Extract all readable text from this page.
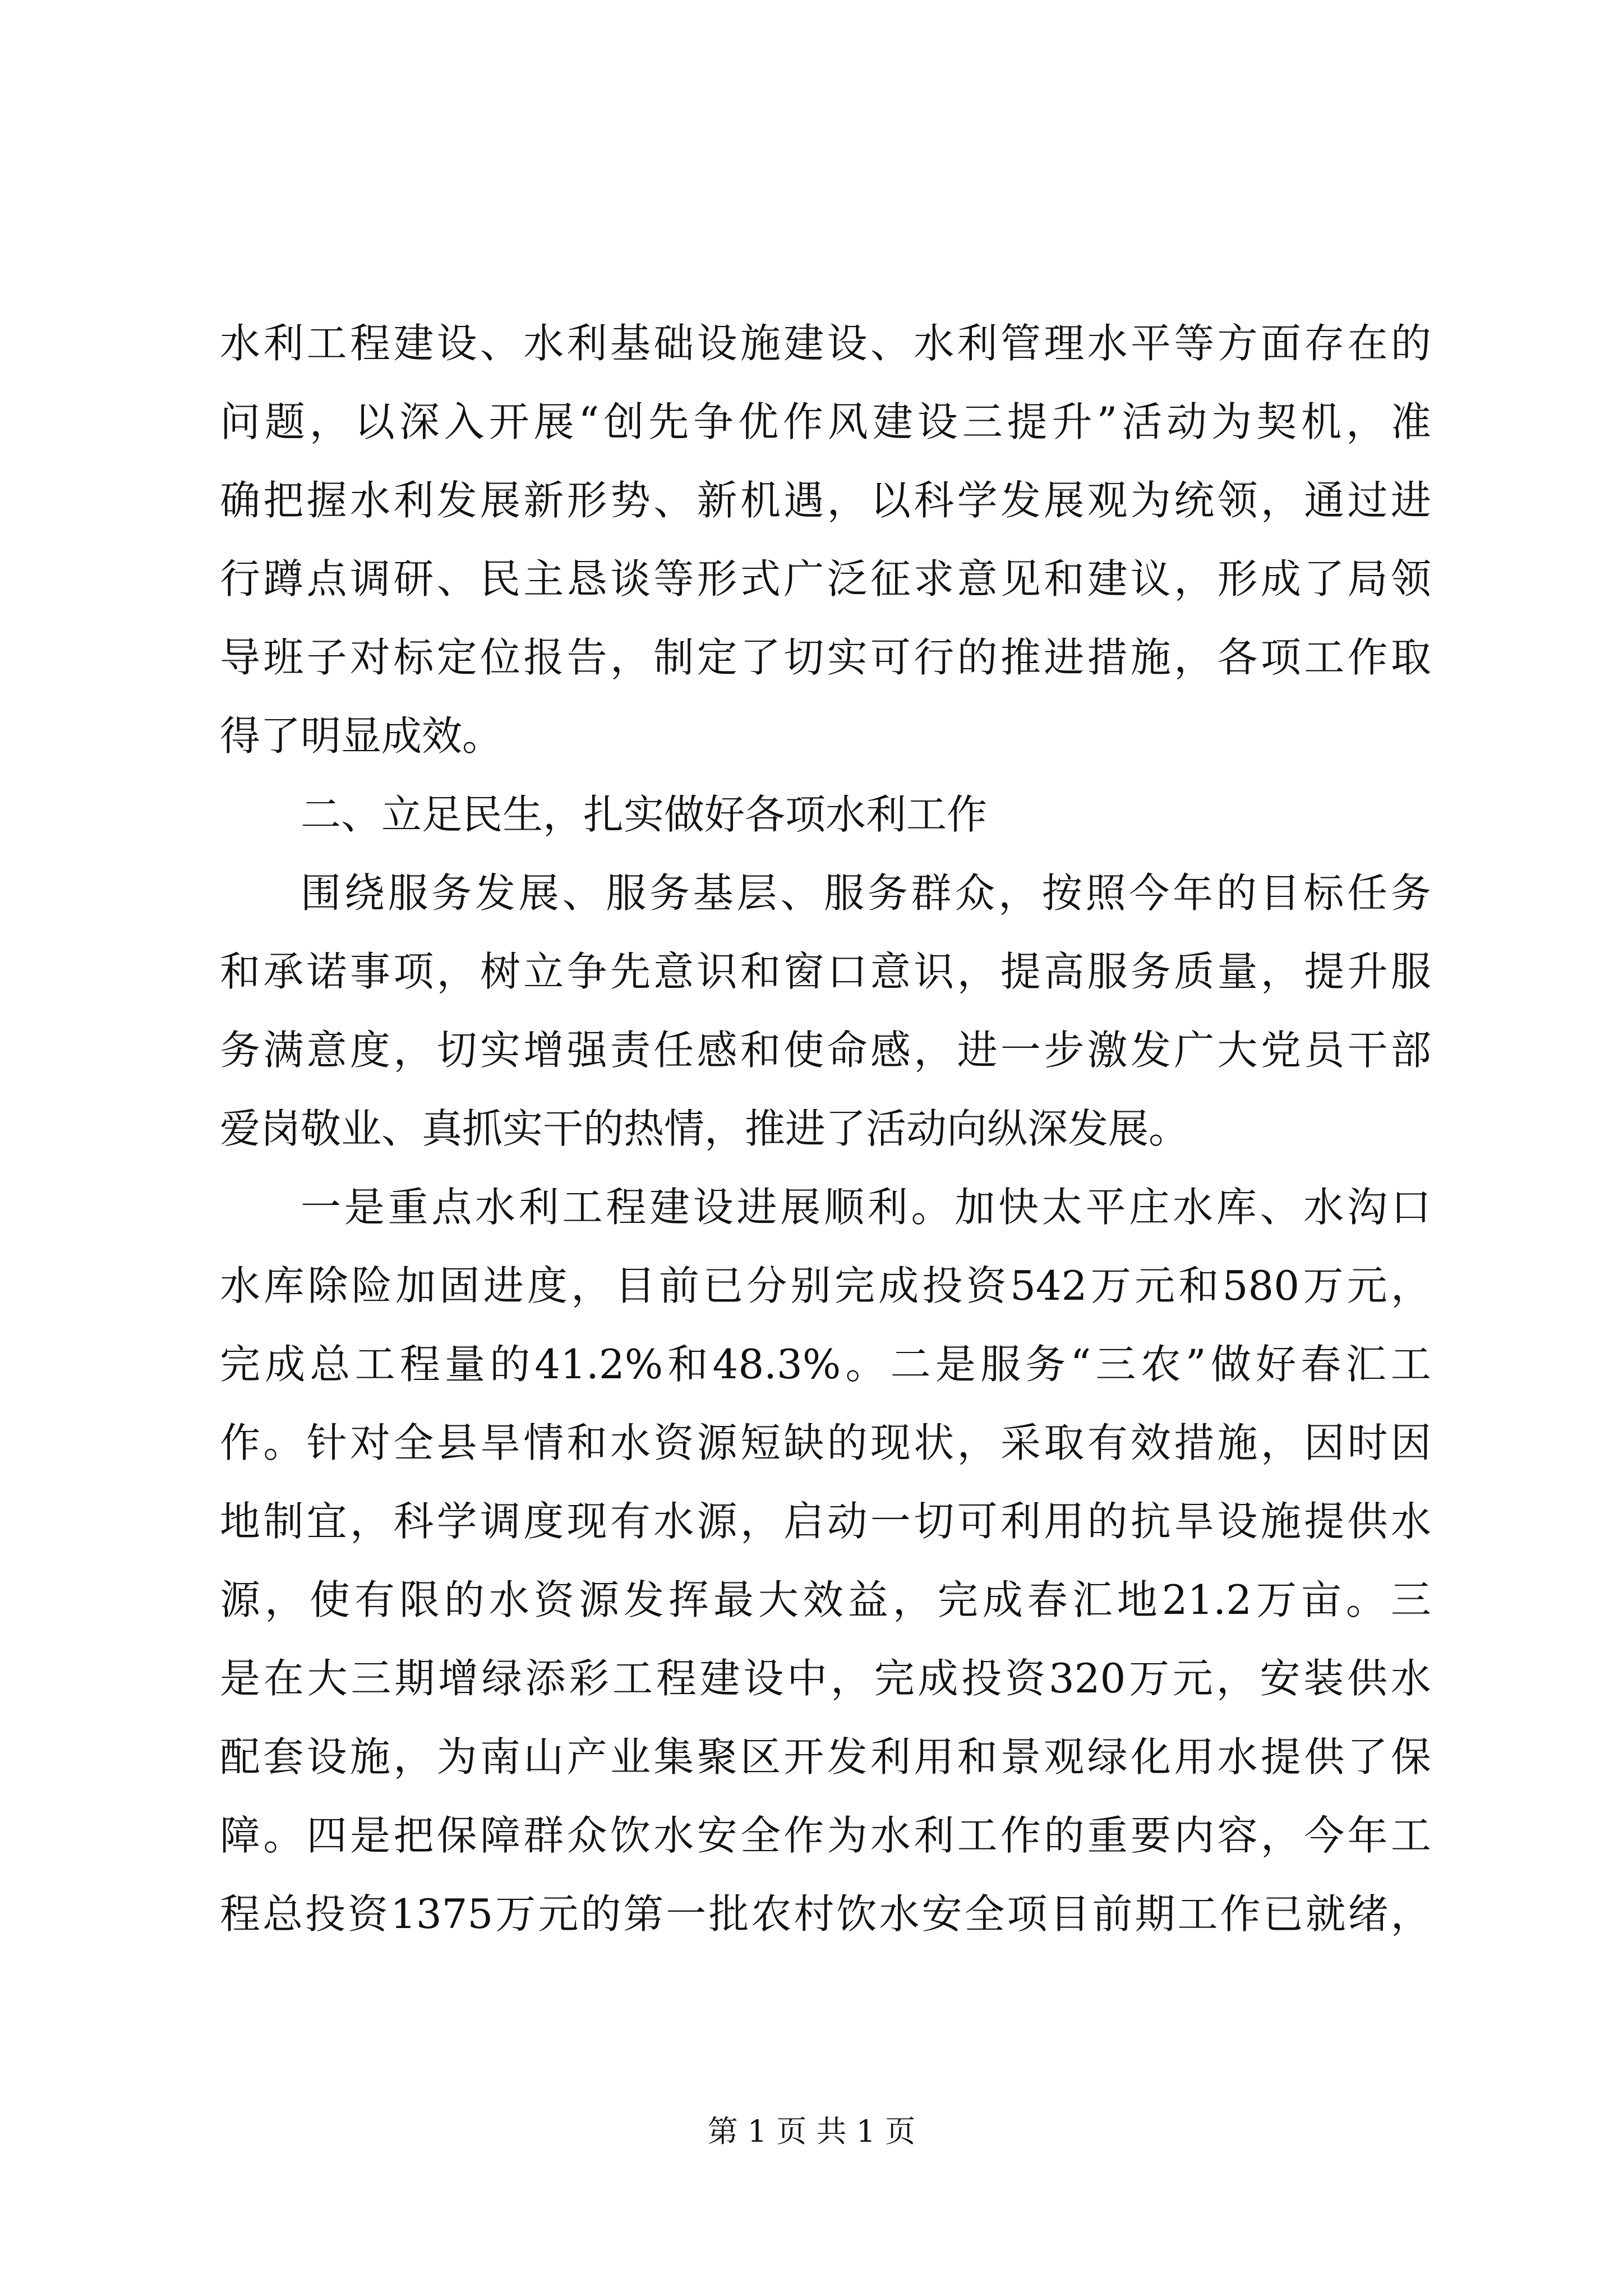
水 利 工 程 建 设 、 水 利 基 础 设 施 建 设 、 水 利 管 理 水 平 等 方 面 存 在 的
问 题 ， 以 深 入 开 展 “ 创 先 争 优 作 风 建 设 三 提 升 ” 活 动 为 契 机 ， 准
确 把 握 水 利 发 展 新 形 势 、 新 机 遇 ， 以 科 学 发 展 观 为 统 领 ， 通 过 进
行 蹲 点 调 研 、 民 主 恳 谈 等 形 式 广 泛 征 求 意 见 和 建 议 ， 形 成 了 局 领
导 班 子 对 标 定 位 报 告 ， 制 定 了 切 实 可 行 的 推 进 措 施 ， 各 项 工 作 取
得了明显成效。
二、立足民生，扎实做好各项水利工作
围 绕 服 务 发 展 、 服 务 基 层 、 服 务 群 众 ， 按 照 今 年 的 目 标 任 务
和 承 诺 事 项 ， 树 立 争 先 意 识 和 窗 口 意 识 ， 提 高 服 务 质 量 ， 提 升 服
务 满 意 度 ， 切 实 增 强 责 任 感 和 使 命 感 ， 进 一 步 激 发 广 大 党 员 干 部
爱岗敬业、真抓实干的热情，推进了活动向纵深发展。
一 是 重 点 水 利 工 程 建 设 进 展 顺 利 。 加 快 太 平 庄 水 库 、 水 沟 口
水 库 除 险 加 固 进 度 ， 目 前 已 分 别 完 成 投 资 542 万 元 和 580 万 元 ，
完 成 总 工 程 量 的 41.2% 和 48.3% 。 二 是 服 务 “ 三 农 ” 做 好 春 汇 工
作 。 针 对 全 县 旱 情 和 水 资 源 短 缺 的 现 状 ， 采 取 有 效 措 施 ， 因 时 因
地 制 宜 ， 科 学 调 度 现 有 水 源 ， 启 动 一 切 可 利 用 的 抗 旱 设 施 提 供 水
源 ， 使 有 限 的 水 资 源 发 挥 最 大 效 益 ， 完 成 春 汇 地 21.2 万 亩 。 三
是 在 大 三 期 增 绿 添 彩 工 程 建 设 中 ， 完 成 投 资 320 万 元 ， 安 装 供 水
配 套 设 施 ， 为 南 山 产 业 集 聚 区 开 发 利 用 和 景 观 绿 化 用 水 提 供 了 保
障 。 四 是 把 保 障 群 众 饮 水 安 全 作 为 水 利 工 作 的 重 要 内 容 ， 今 年 工
程 总 投 资 1375 万 元 的 第 一 批 农 村 饮 水 安 全 项 目 前 期 工 作 已 就 绪 ，
第 1 页 共 1 页
